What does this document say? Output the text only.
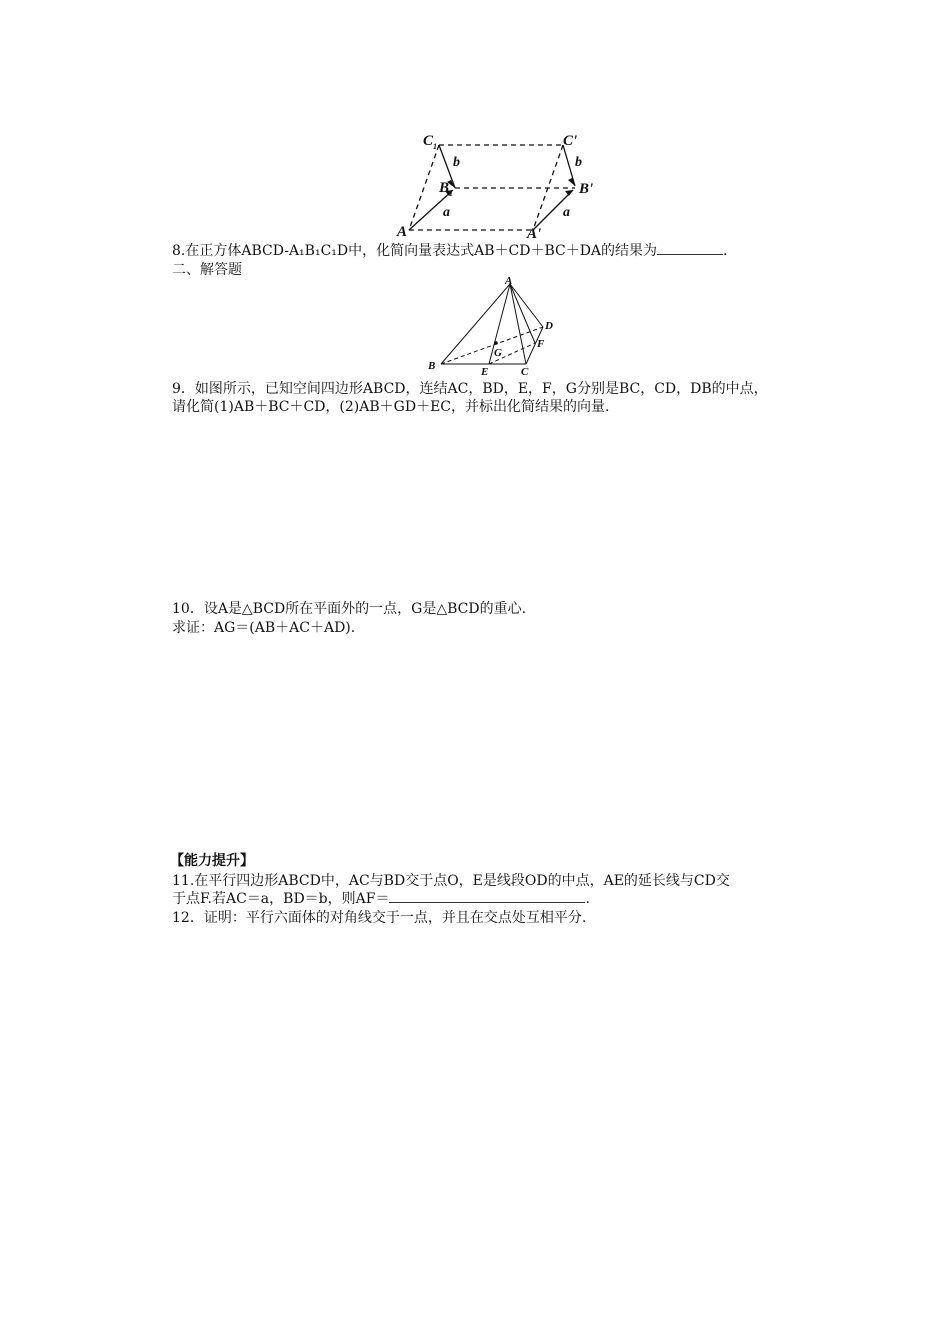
C 1	C'
b	b
B 1	B'
a	a
A	A'
8.在正方体ABCD-A₁B₁C₁D中，化简向量表达式AB＋CD＋BC＋DA的结果为	.
二、解答题
A
B	C
D
E
F
G
9．如图所示，已知空间四边形ABCD，连结AC，BD，E，F，G分别是BC，CD，DB的中点，
请化简(1)AB＋BC＋CD，(2)AB＋GD＋EC，并标出化简结果的向量.
10．设A是△BCD所在平面外的一点，G是△BCD的重心.
求证：AG＝(AB＋AC＋AD).
【能力提升】
11.在平行四边形ABCD中，AC与BD交于点O，E是线段OD的中点，AE的延长线与CD交
于点F.若AC＝a，BD＝b，则AF＝	.
12．证明：平行六面体的对角线交于一点，并且在交点处互相平分.
